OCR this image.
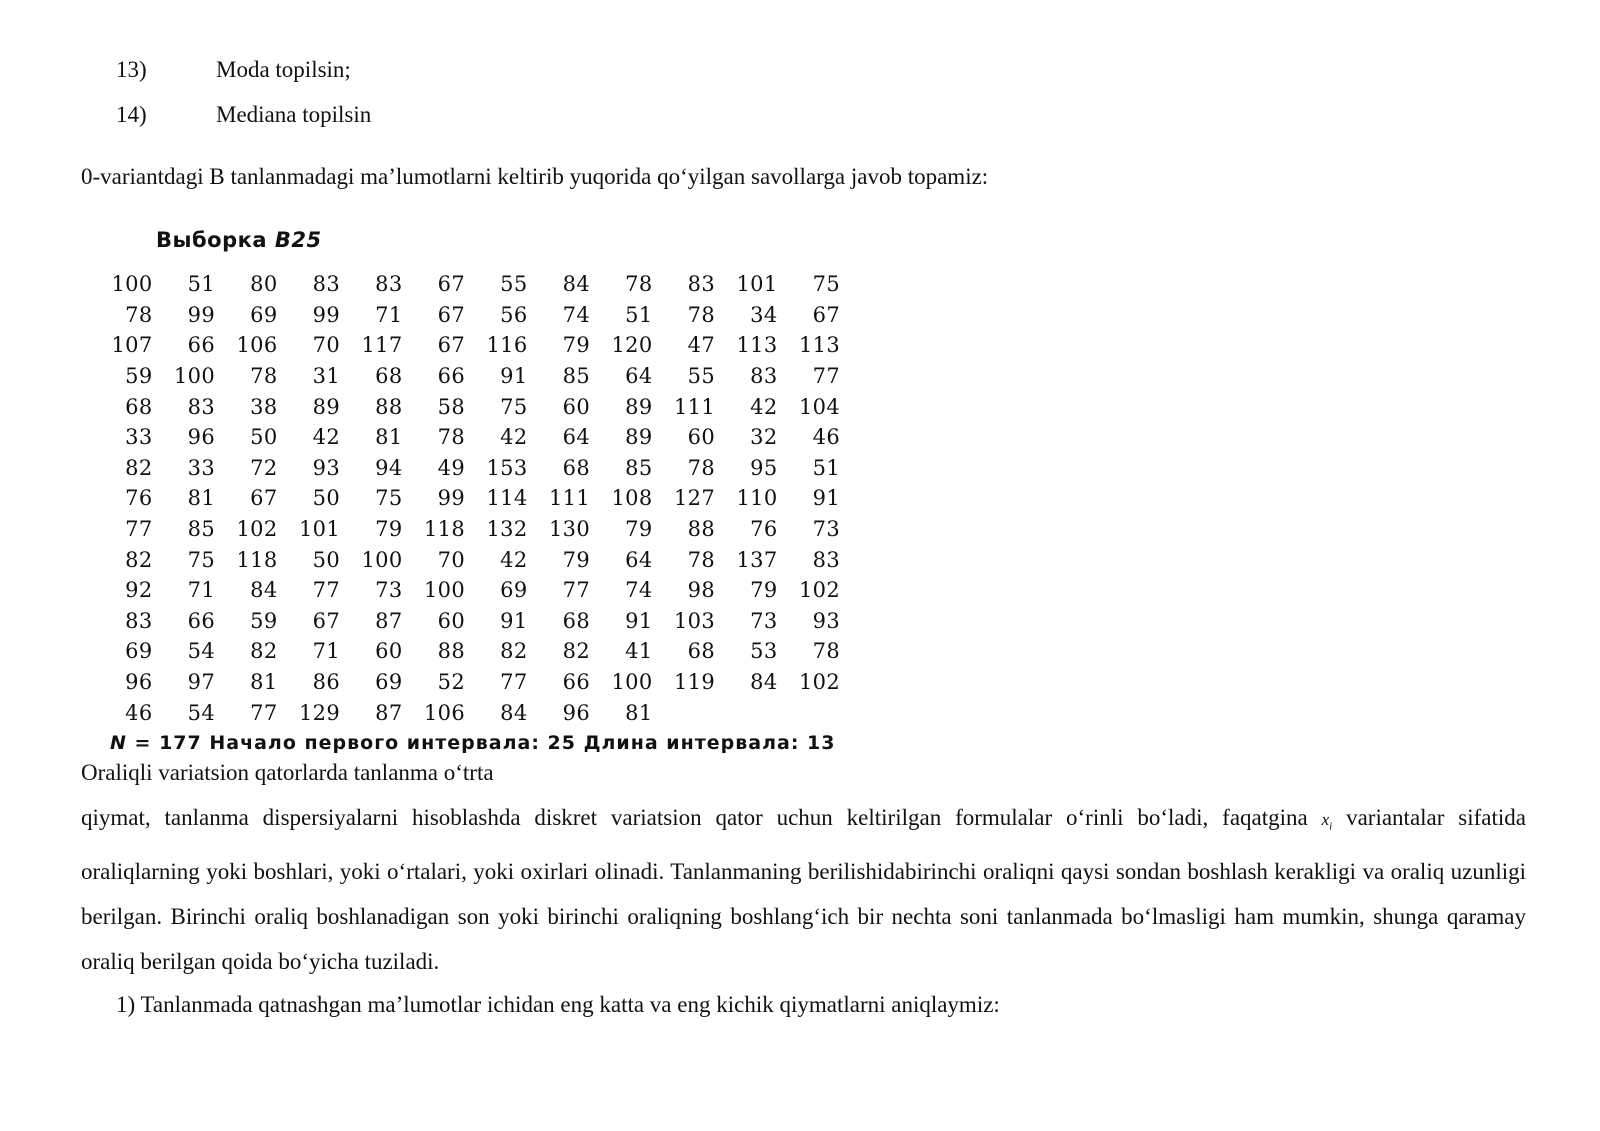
13)	Moda topilsin;
14)	Mediana topilsin
0-variantdagi B tanlanmadagi ma’lumotlarni keltirib yuqorida qo‘yilgan savollarga javob topamiz:
Выборка B25
100	51	80	83	83	67	55	84	78	83	101	75
78	99	69	99	71	67	56	74	51	78	34	67
107	66	106	70	117	67	116	79	120	47	113	113
59	100	78	31	68	66	91	85	64	55	83	77
68	83	38	89	88	58	75	60	89	111	42	104
33	96	50	42	81	78	42	64	89	60	32	46
82	33	72	93	94	49	153	68	85	78	95	51
76	81	67	50	75	99	114	111	108	127	110	91
77	85	102	101	79	118	132	130	79	88	76	73
82	75	118	50	100	70	42	79	64	78	137	83
92	71	84	77	73	100	69	77	74	98	79	102
83	66	59	67	87	60	91	68	91	103	73	93
69	54	82	71	60	88	82	82	41	68	53	78
96	97	81	86	69	52	77	66	100	119	84	102
46	54	77	129	87	106	84	96	81			
N = 177 Начало первого интервала: 25 Длина интервала: 13
Oraliqli variatsion qatorlarda tanlanma o‘trta
qiymat, tanlanma dispersiyalarni hisoblashda diskret variatsion qator uchun keltirilgan formulalar o‘rinli bo‘ladi, faqatgina $x_i$ variantalar sifatida oraliqlarning yoki boshlari, yoki o‘rtalari, yoki oxirlari olinadi. Tanlanmaning berilishidabirinchi oraliqni qaysi sondan boshlash kerakligi va oraliq uzunligi berilgan. Birinchi oraliq boshlanadigan son yoki birinchi oraliqning boshlang‘ich bir nechta soni tanlanmada bo‘lmasligi ham mumkin, shunga qaramay oraliq berilgan qoida bo‘yicha tuziladi.
1) Tanlanmada qatnashgan ma’lumotlar ichidan eng katta va eng kichik qiymatlarni aniqlaymiz:
